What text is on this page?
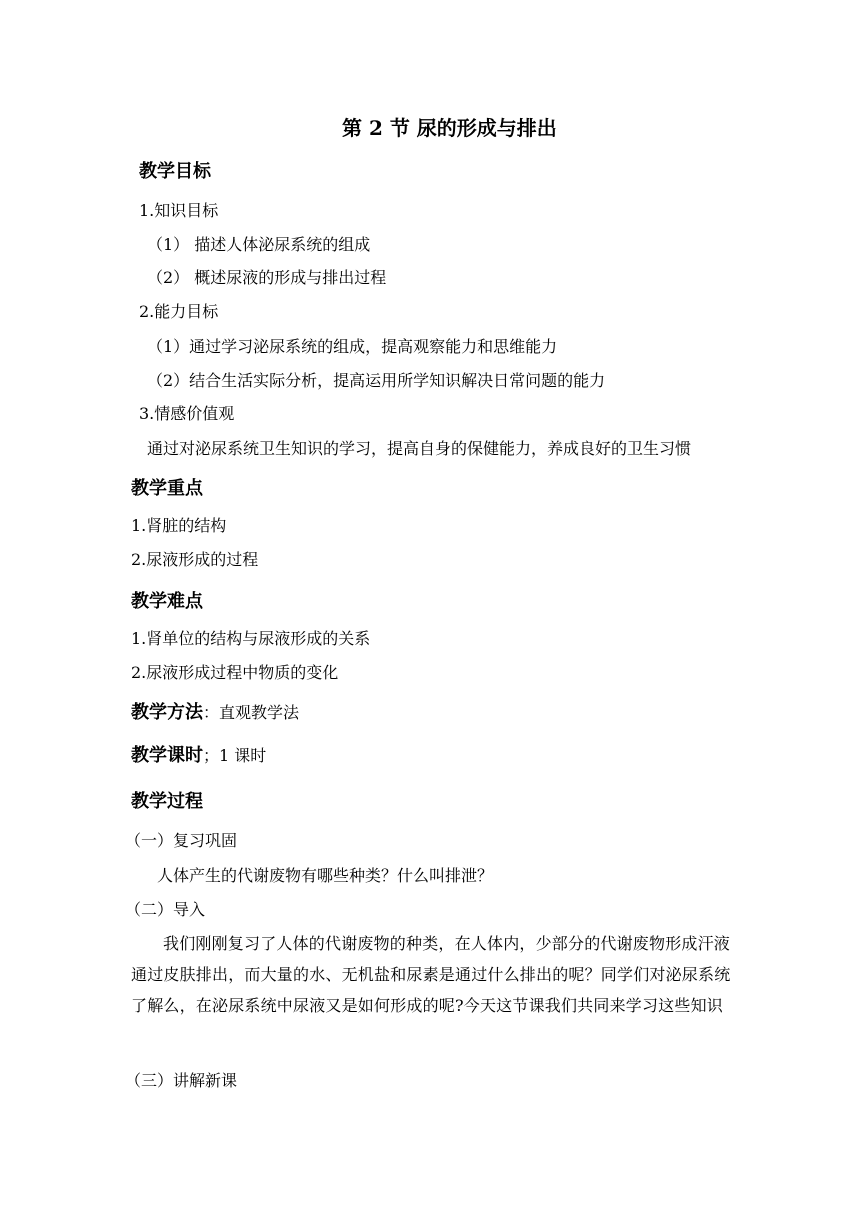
第 2 节 尿的形成与排出
教学目标
1.知识目标
（1） 描述人体泌尿系统的组成
（2） 概述尿液的形成与排出过程
2.能力目标
（1）通过学习泌尿系统的组成，提高观察能力和思维能力
（2）结合生活实际分析，提高运用所学知识解决日常问题的能力
3.情感价值观
通过对泌尿系统卫生知识的学习，提高自身的保健能力，养成良好的卫生习惯
教学重点
1.肾脏的结构
2.尿液形成的过程
教学难点
1.肾单位的结构与尿液形成的关系
2.尿液形成过程中物质的变化
教学方法：直观教学法
教学课时；1 课时
教学过程
（一）复习巩固
人体产生的代谢废物有哪些种类？什么叫排泄？
（二）导入
我们刚刚复习了人体的代谢废物的种类，在人体内，少部分的代谢废物形成汗液通过皮肤排出，而大量的水、无机盐和尿素是通过什么排出的呢？同学们对泌尿系统了解么，在泌尿系统中尿液又是如何形成的呢?今天这节课我们共同来学习这些知识
（三）讲解新课
